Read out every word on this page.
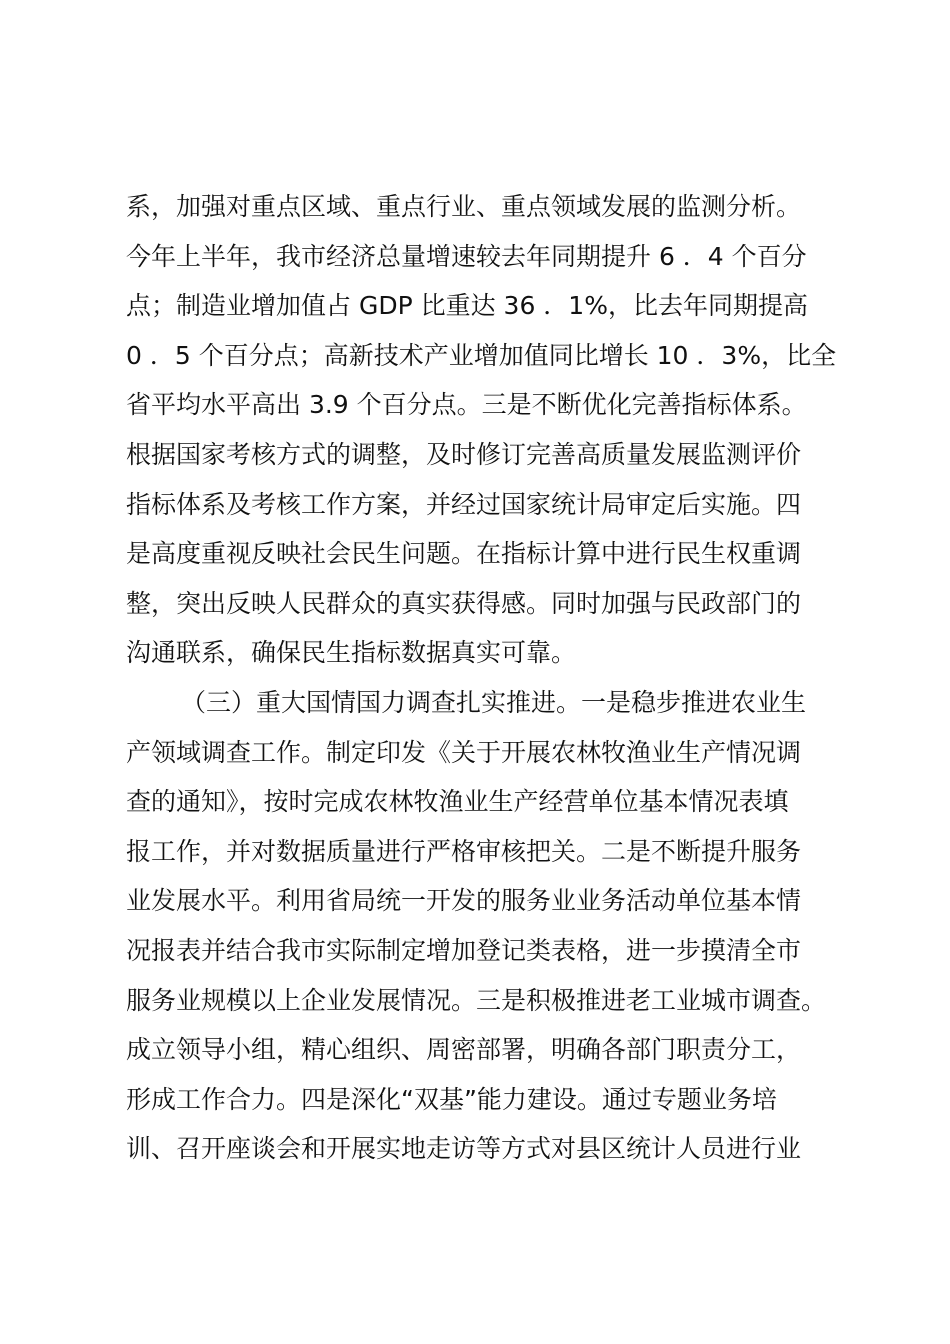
系，加强对重点区域、重点行业、重点领域发展的监测分析。
今年上半年，我市经济总量增速较去年同期提升 6 ．4 个百分
点；制造业增加值占 GDP 比重达 36 ．1%，比去年同期提高
0 ．5 个百分点；高新技术产业增加值同比增长 10 ．3%，比全
省平均水平高出 3.9 个百分点。三是不断优化完善指标体系。
根据国家考核方式的调整，及时修订完善高质量发展监测评价
指标体系及考核工作方案，并经过国家统计局审定后实施。四
是高度重视反映社会民生问题。在指标计算中进行民生权重调
整，突出反映人民群众的真实获得感。同时加强与民政部门的
沟通联系，确保民生指标数据真实可靠。
（三）重大国情国力调查扎实推进。一是稳步推进农业生
产领域调查工作。制定印发《关于开展农林牧渔业生产情况调
查的通知》，按时完成农林牧渔业生产经营单位基本情况表填
报工作，并对数据质量进行严格审核把关。二是不断提升服务
业发展水平。利用省局统一开发的服务业业务活动单位基本情
况报表并结合我市实际制定增加登记类表格，进一步摸清全市
服务业规模以上企业发展情况。三是积极推进老工业城市调查。
成立领导小组，精心组织、周密部署，明确各部门职责分工，
形成工作合力。四是深化“双基”能力建设。通过专题业务培
训、召开座谈会和开展实地走访等方式对县区统计人员进行业
